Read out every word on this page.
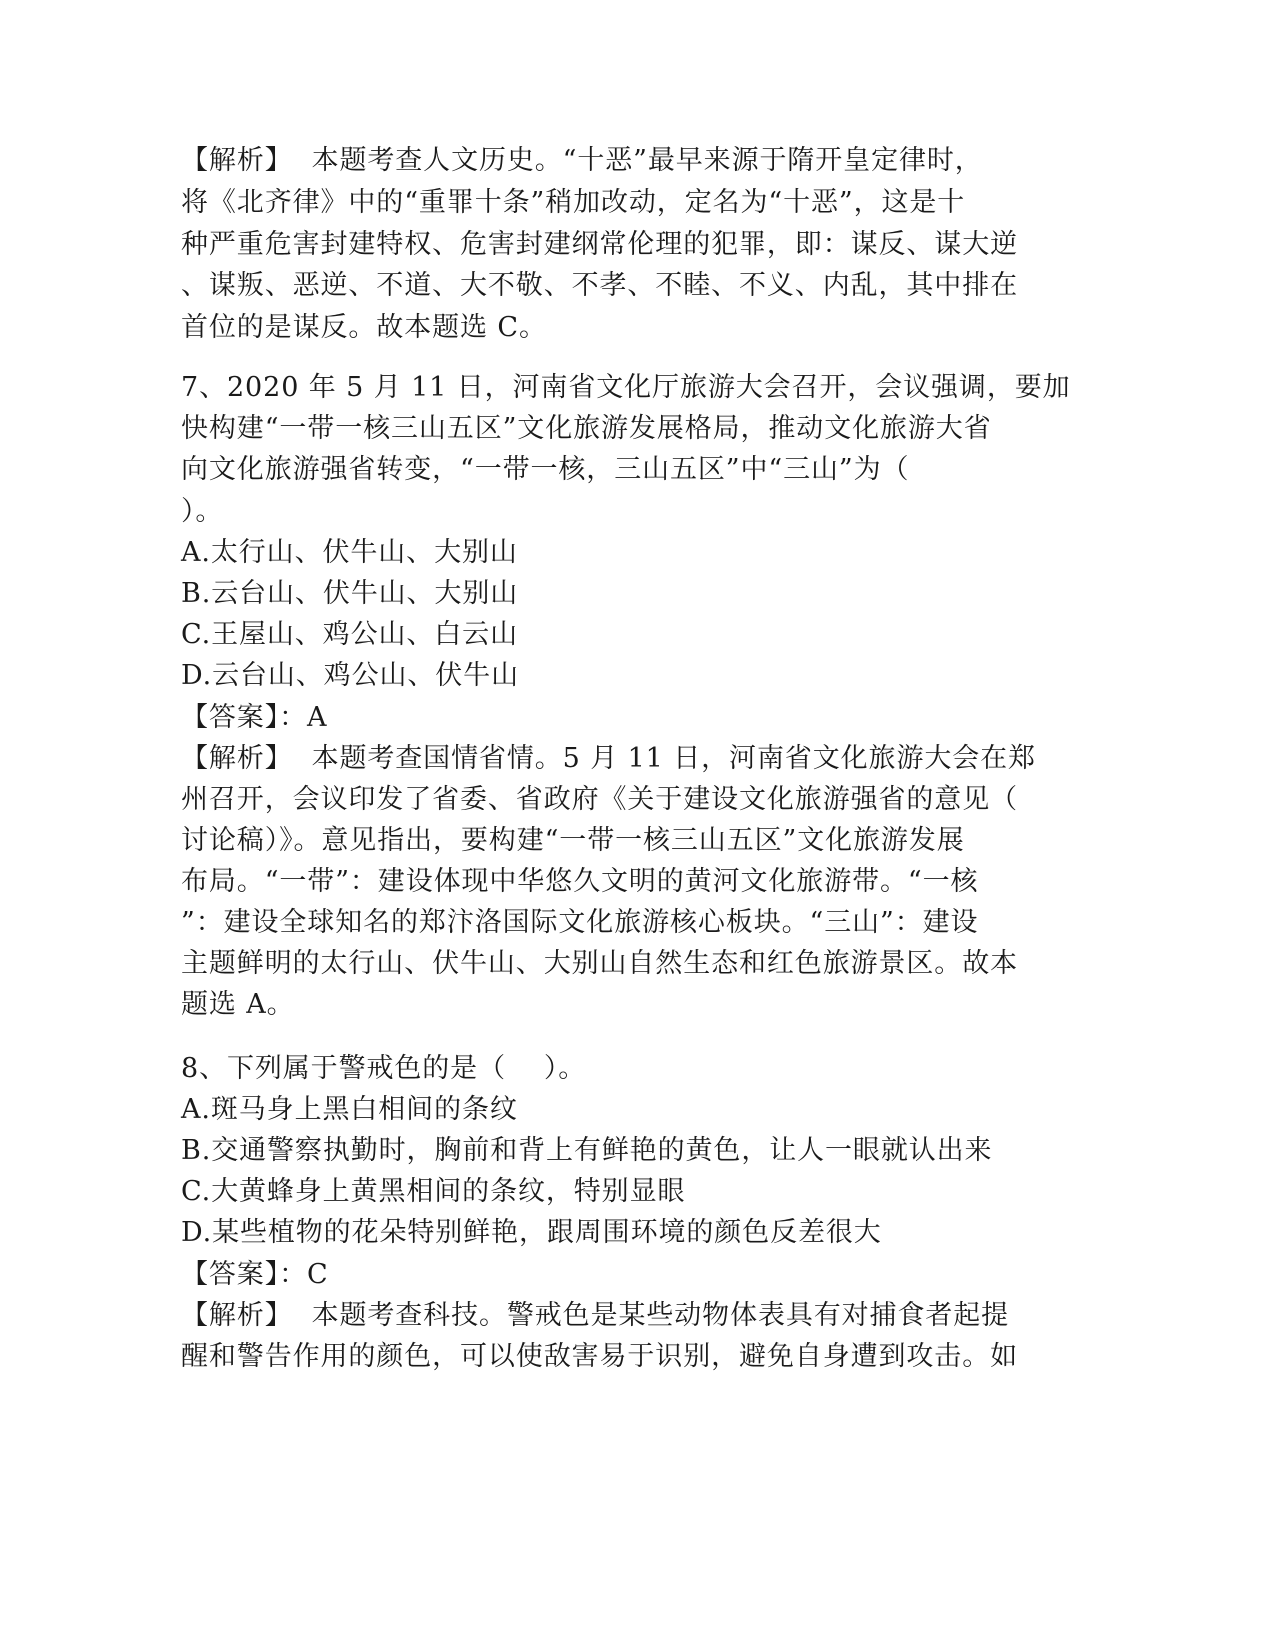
【解析】  本题考查人文历史。“十恶”最早来源于隋开皇定律时，
将《北齐律》中的“重罪十条”稍加改动，定名为“十恶”，这是十
种严重危害封建特权、危害封建纲常伦理的犯罪，即：谋反、谋大逆
、谋叛、恶逆、不道、大不敬、不孝、不睦、不义、内乱，其中排在
首位的是谋反。故本题选 C。
7、2020 年 5 月 11 日，河南省文化厅旅游大会召开，会议强调，要加
快构建“一带一核三山五区”文化旅游发展格局，推动文化旅游大省
向文化旅游强省转变，“一带一核，三山五区”中“三山”为（
）。
A.太行山、伏牛山、大别山
B.云台山、伏牛山、大别山
C.王屋山、鸡公山、白云山
D.云台山、鸡公山、伏牛山
【答案】：A
【解析】  本题考查国情省情。5 月 11 日，河南省文化旅游大会在郑
州召开，会议印发了省委、省政府《关于建设文化旅游强省的意见（
讨论稿）》。意见指出，要构建“一带一核三山五区”文化旅游发展
布局。“一带”：建设体现中华悠久文明的黄河文化旅游带。“一核
”：建设全球知名的郑汴洛国际文化旅游核心板块。“三山”：建设
主题鲜明的太行山、伏牛山、大别山自然生态和红色旅游景区。故本
题选 A。
8、下列属于警戒色的是（    ）。
A.斑马身上黑白相间的条纹
B.交通警察执勤时，胸前和背上有鲜艳的黄色，让人一眼就认出来
C.大黄蜂身上黄黑相间的条纹，特别显眼
D.某些植物的花朵特别鲜艳，跟周围环境的颜色反差很大
【答案】：C
【解析】  本题考查科技。警戒色是某些动物体表具有对捕食者起提
醒和警告作用的颜色，可以使敌害易于识别，避免自身遭到攻击。如
